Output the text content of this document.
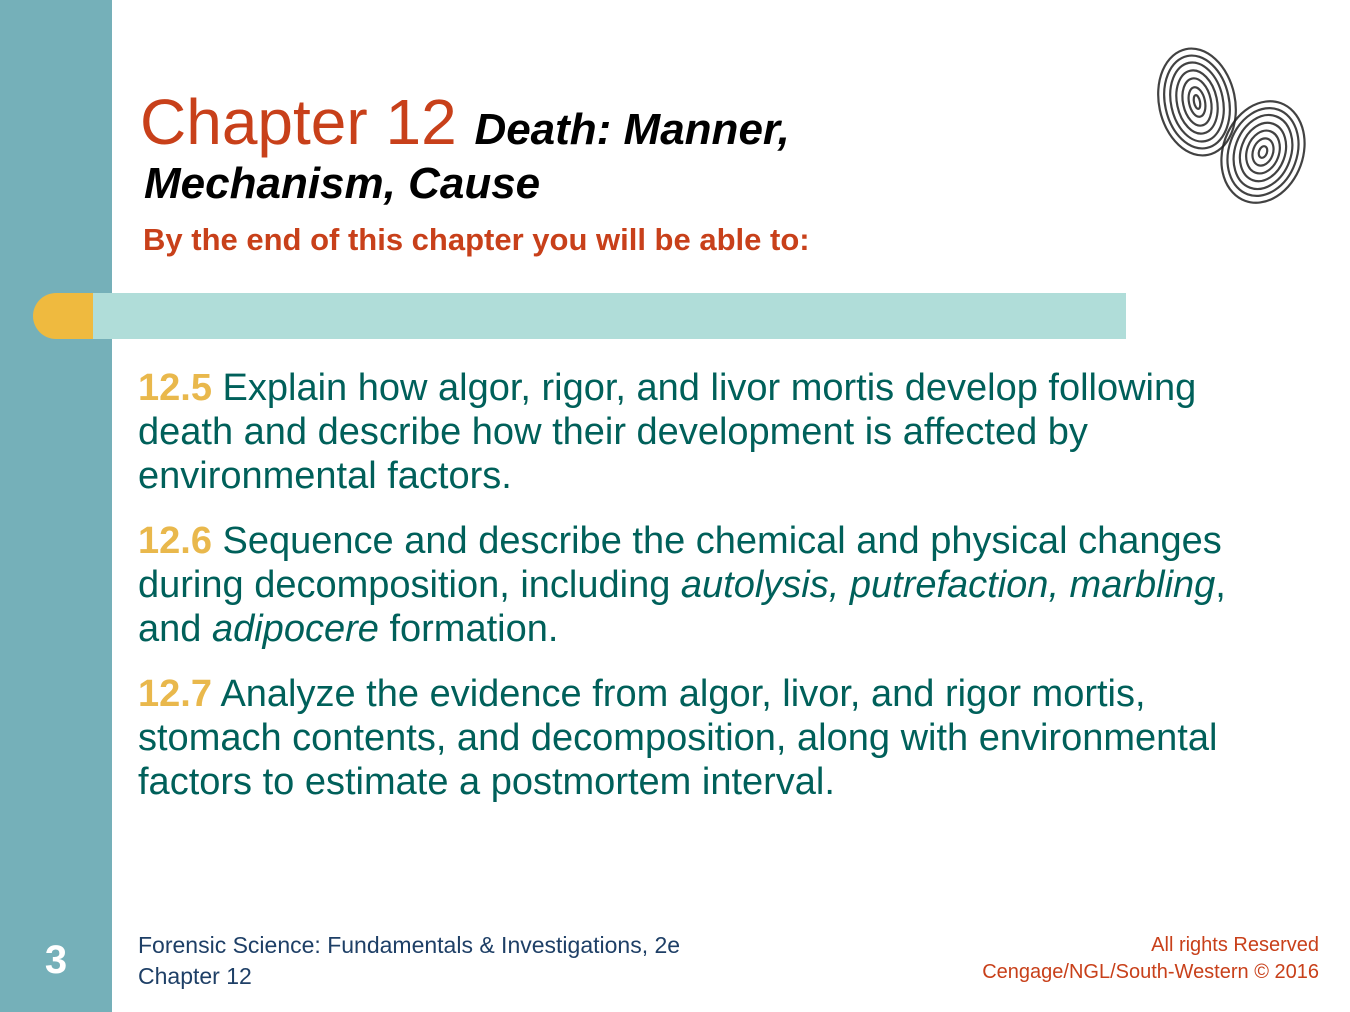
3
Chapter 12 Death: Manner,
Mechanism, Cause
By the end of this chapter you will be able to:

12.5 Explain how algor, rigor, and livor mortis develop following death and describe how their development is affected by environmental factors.

12.6 Sequence and describe the chemical and physical changes during decomposition, including autolysis, putrefaction, marbling, and adipocere formation.

12.7 Analyze the evidence from algor, livor, and rigor mortis, stomach contents, and decomposition, along with environmental factors to estimate a postmortem interval.

Forensic Science: Fundamentals & Investigations, 2e
Chapter 12
All rights Reserved
Cengage/NGL/South-Western © 2016
